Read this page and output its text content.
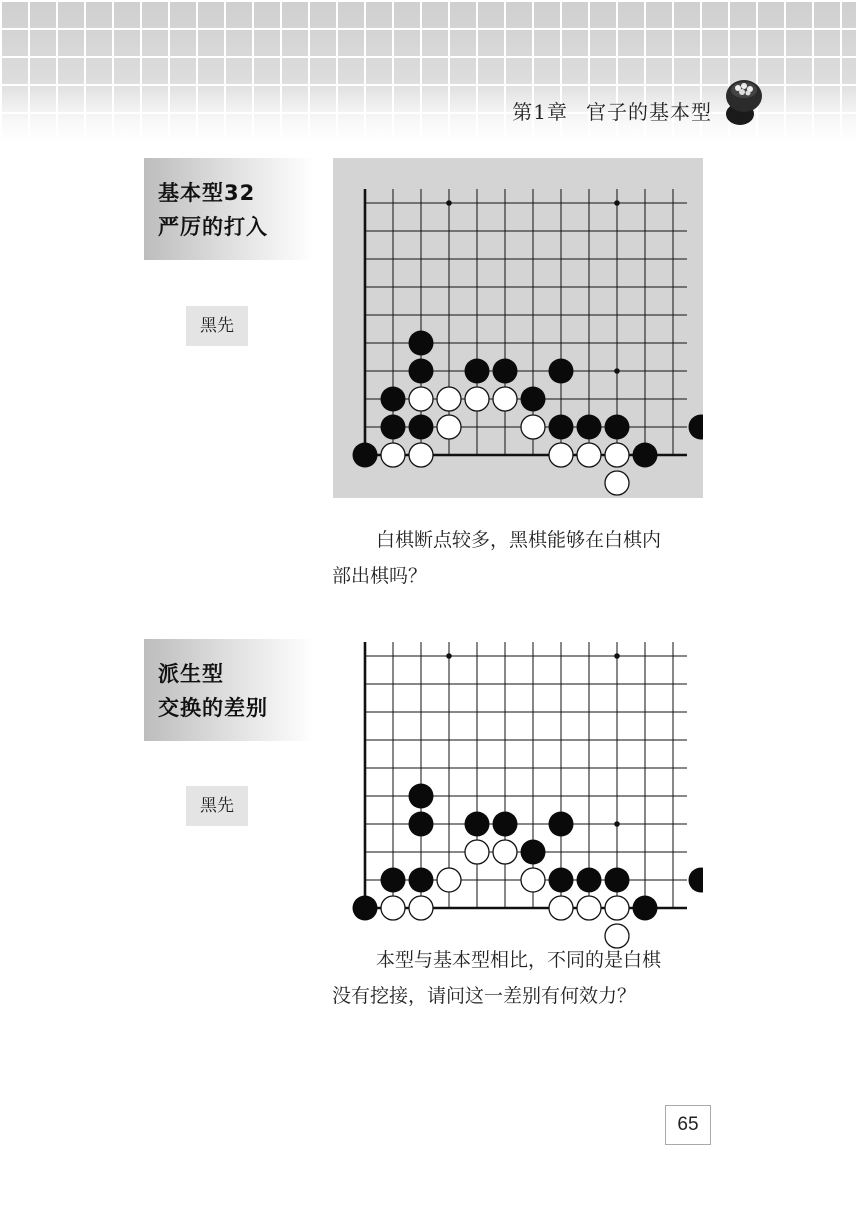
第1章 官子的基本型
基本型32
严厉的打入
黑先
白棋断点较多，黑棋能够在白棋内
部出棋吗？
派生型
交换的差别
黑先
本型与基本型相比，不同的是白棋
没有挖接，请问这一差别有何效力？
65
